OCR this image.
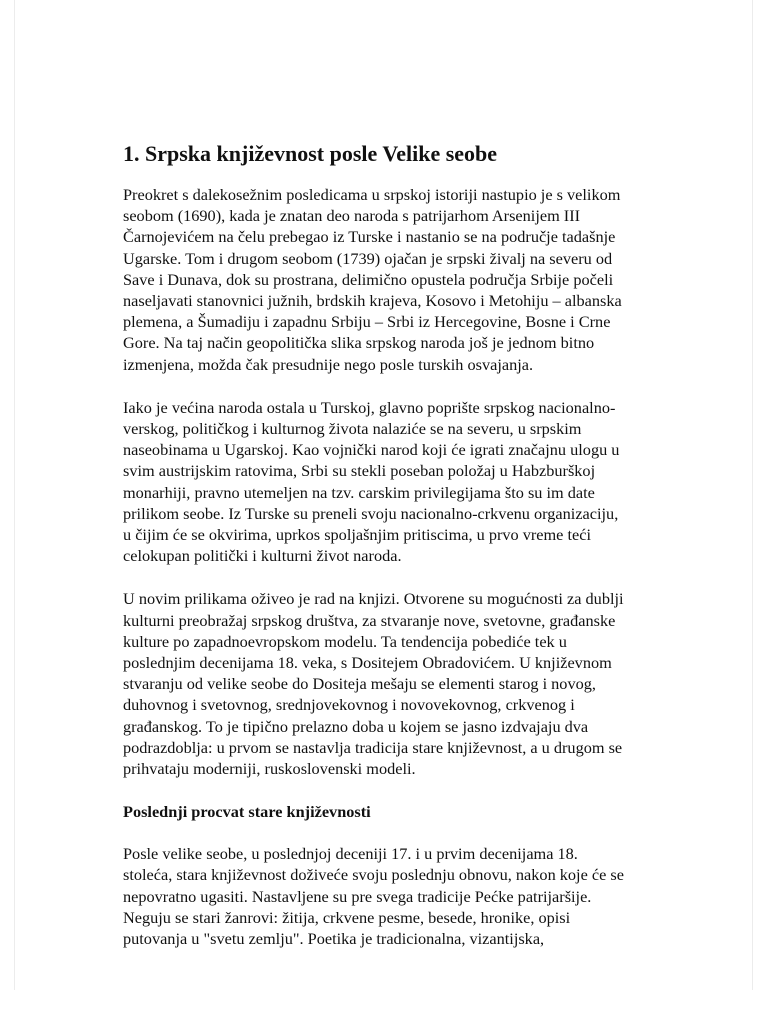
1. Srpska književnost posle Velike seobe

Preokret s dalekosežnim posledicama u srpskoj istoriji nastupio je s velikom
seobom (1690), kada je znatan deo naroda s patrijarhom Arsenijem III
Čarnojevićem na čelu prebegao iz Turske i nastanio se na područje tadašnje
Ugarske. Tom i drugom seobom (1739) ojačan je srpski živalj na severu od
Save i Dunava, dok su prostrana, delimično opustela područja Srbije počeli
naseljavati stanovnici južnih, brdskih krajeva, Kosovo i Metohiju – albanska
plemena, a Šumadiju i zapadnu Srbiju – Srbi iz Hercegovine, Bosne i Crne
Gore. Na taj način geopolitička slika srpskog naroda još je jednom bitno
izmenjena, možda čak presudnije nego posle turskih osvajanja.

Iako je većina naroda ostala u Turskoj, glavno poprište srpskog nacionalno-
verskog, političkog i kulturnog života nalaziće se na severu, u srpskim
naseobinama u Ugarskoj. Kao vojnički narod koji će igrati značajnu ulogu u
svim austrijskim ratovima, Srbi su stekli poseban položaj u Habzburškoj
monarhiji, pravno utemeljen na tzv. carskim privilegijama što su im date
prilikom seobe. Iz Turske su preneli svoju nacionalno-crkvenu organizaciju,
u čijim će se okvirima, uprkos spoljašnjim pritiscima, u prvo vreme teći
celokupan politički i kulturni život naroda.

U novim prilikama oživeo je rad na knjizi. Otvorene su mogućnosti za dublji
kulturni preobražaj srpskog društva, za stvaranje nove, svetovne, građanske
kulture po zapadnoevropskom modelu. Ta tendencija pobediće tek u
poslednjim decenijama 18. veka, s Dositejem Obradovićem. U književnom
stvaranju od velike seobe do Dositeja mešaju se elementi starog i novog,
duhovnog i svetovnog, srednjovekovnog i novovekovnog, crkvenog i
građanskog. To je tipično prelazno doba u kojem se jasno izdvajaju dva
podrazdoblja: u prvom se nastavlja tradicija stare književnost, a u drugom se
prihvataju moderniji, ruskoslovenski modeli.

Poslednji procvat stare književnosti

Posle velike seobe, u poslednjoj deceniji 17. i u prvim decenijama 18.
stoleća, stara književnost doživeće svoju poslednju obnovu, nakon koje će se
nepovratno ugasiti. Nastavljene su pre svega tradicije Pećke patrijaršije.
Neguju se stari žanrovi: žitija, crkvene pesme, besede, hronike, opisi
putovanja u "svetu zemlju". Poetika je tradicionalna, vizantijska,
